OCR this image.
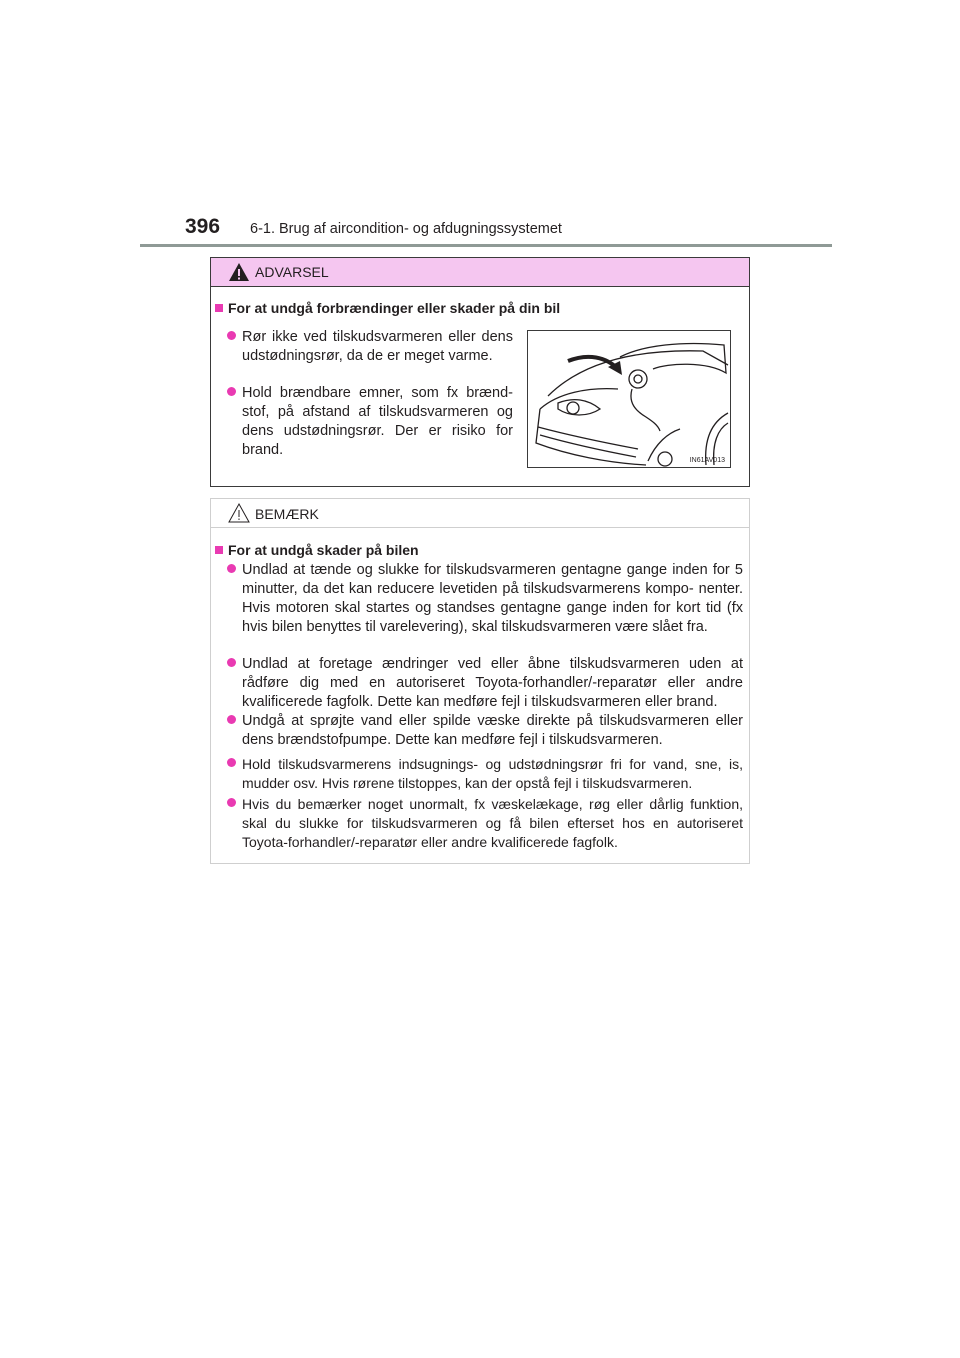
396 6-1. Brug af aircondition- og afdugningssystemet
ADVARSEL
For at undgå forbrændinger eller skader på din bil
Rør ikke ved tilskudsvarmeren eller dens udstødningsrør, da de er meget varme.
Hold brændbare emner, som fx brænd- stof, på afstand af tilskudsvarmeren og dens udstødningsrør. Der er risiko for brand.
IN61AV013
BEMÆRK
For at undgå skader på bilen
Undlad at tænde og slukke for tilskudsvarmeren gentagne gange inden for 5 minutter, da det kan reducere levetiden på tilskudsvarmerens kompo- nenter. Hvis motoren skal startes og standses gentagne gange inden for kort tid (fx hvis bilen benyttes til varelevering), skal tilskudsvarmeren være slået fra.
Undlad at foretage ændringer ved eller åbne tilskudsvarmeren uden at rådføre dig med en autoriseret Toyota-forhandler/-reparatør eller andre kvalificerede fagfolk. Dette kan medføre fejl i tilskudsvarmeren eller brand.
Undgå at sprøjte vand eller spilde væske direkte på tilskudsvarmeren eller dens brændstofpumpe. Dette kan medføre fejl i tilskudsvarmeren.
Hold tilskudsvarmerens indsugnings- og udstødningsrør fri for vand, sne, is, mudder osv. Hvis rørene tilstoppes, kan der opstå fejl i tilskudsvarmeren.
Hvis du bemærker noget unormalt, fx væskelækage, røg eller dårlig funktion, skal du slukke for tilskudsvarmeren og få bilen efterset hos en autoriseret Toyota-forhandler/-reparatør eller andre kvalificerede fagfolk.
